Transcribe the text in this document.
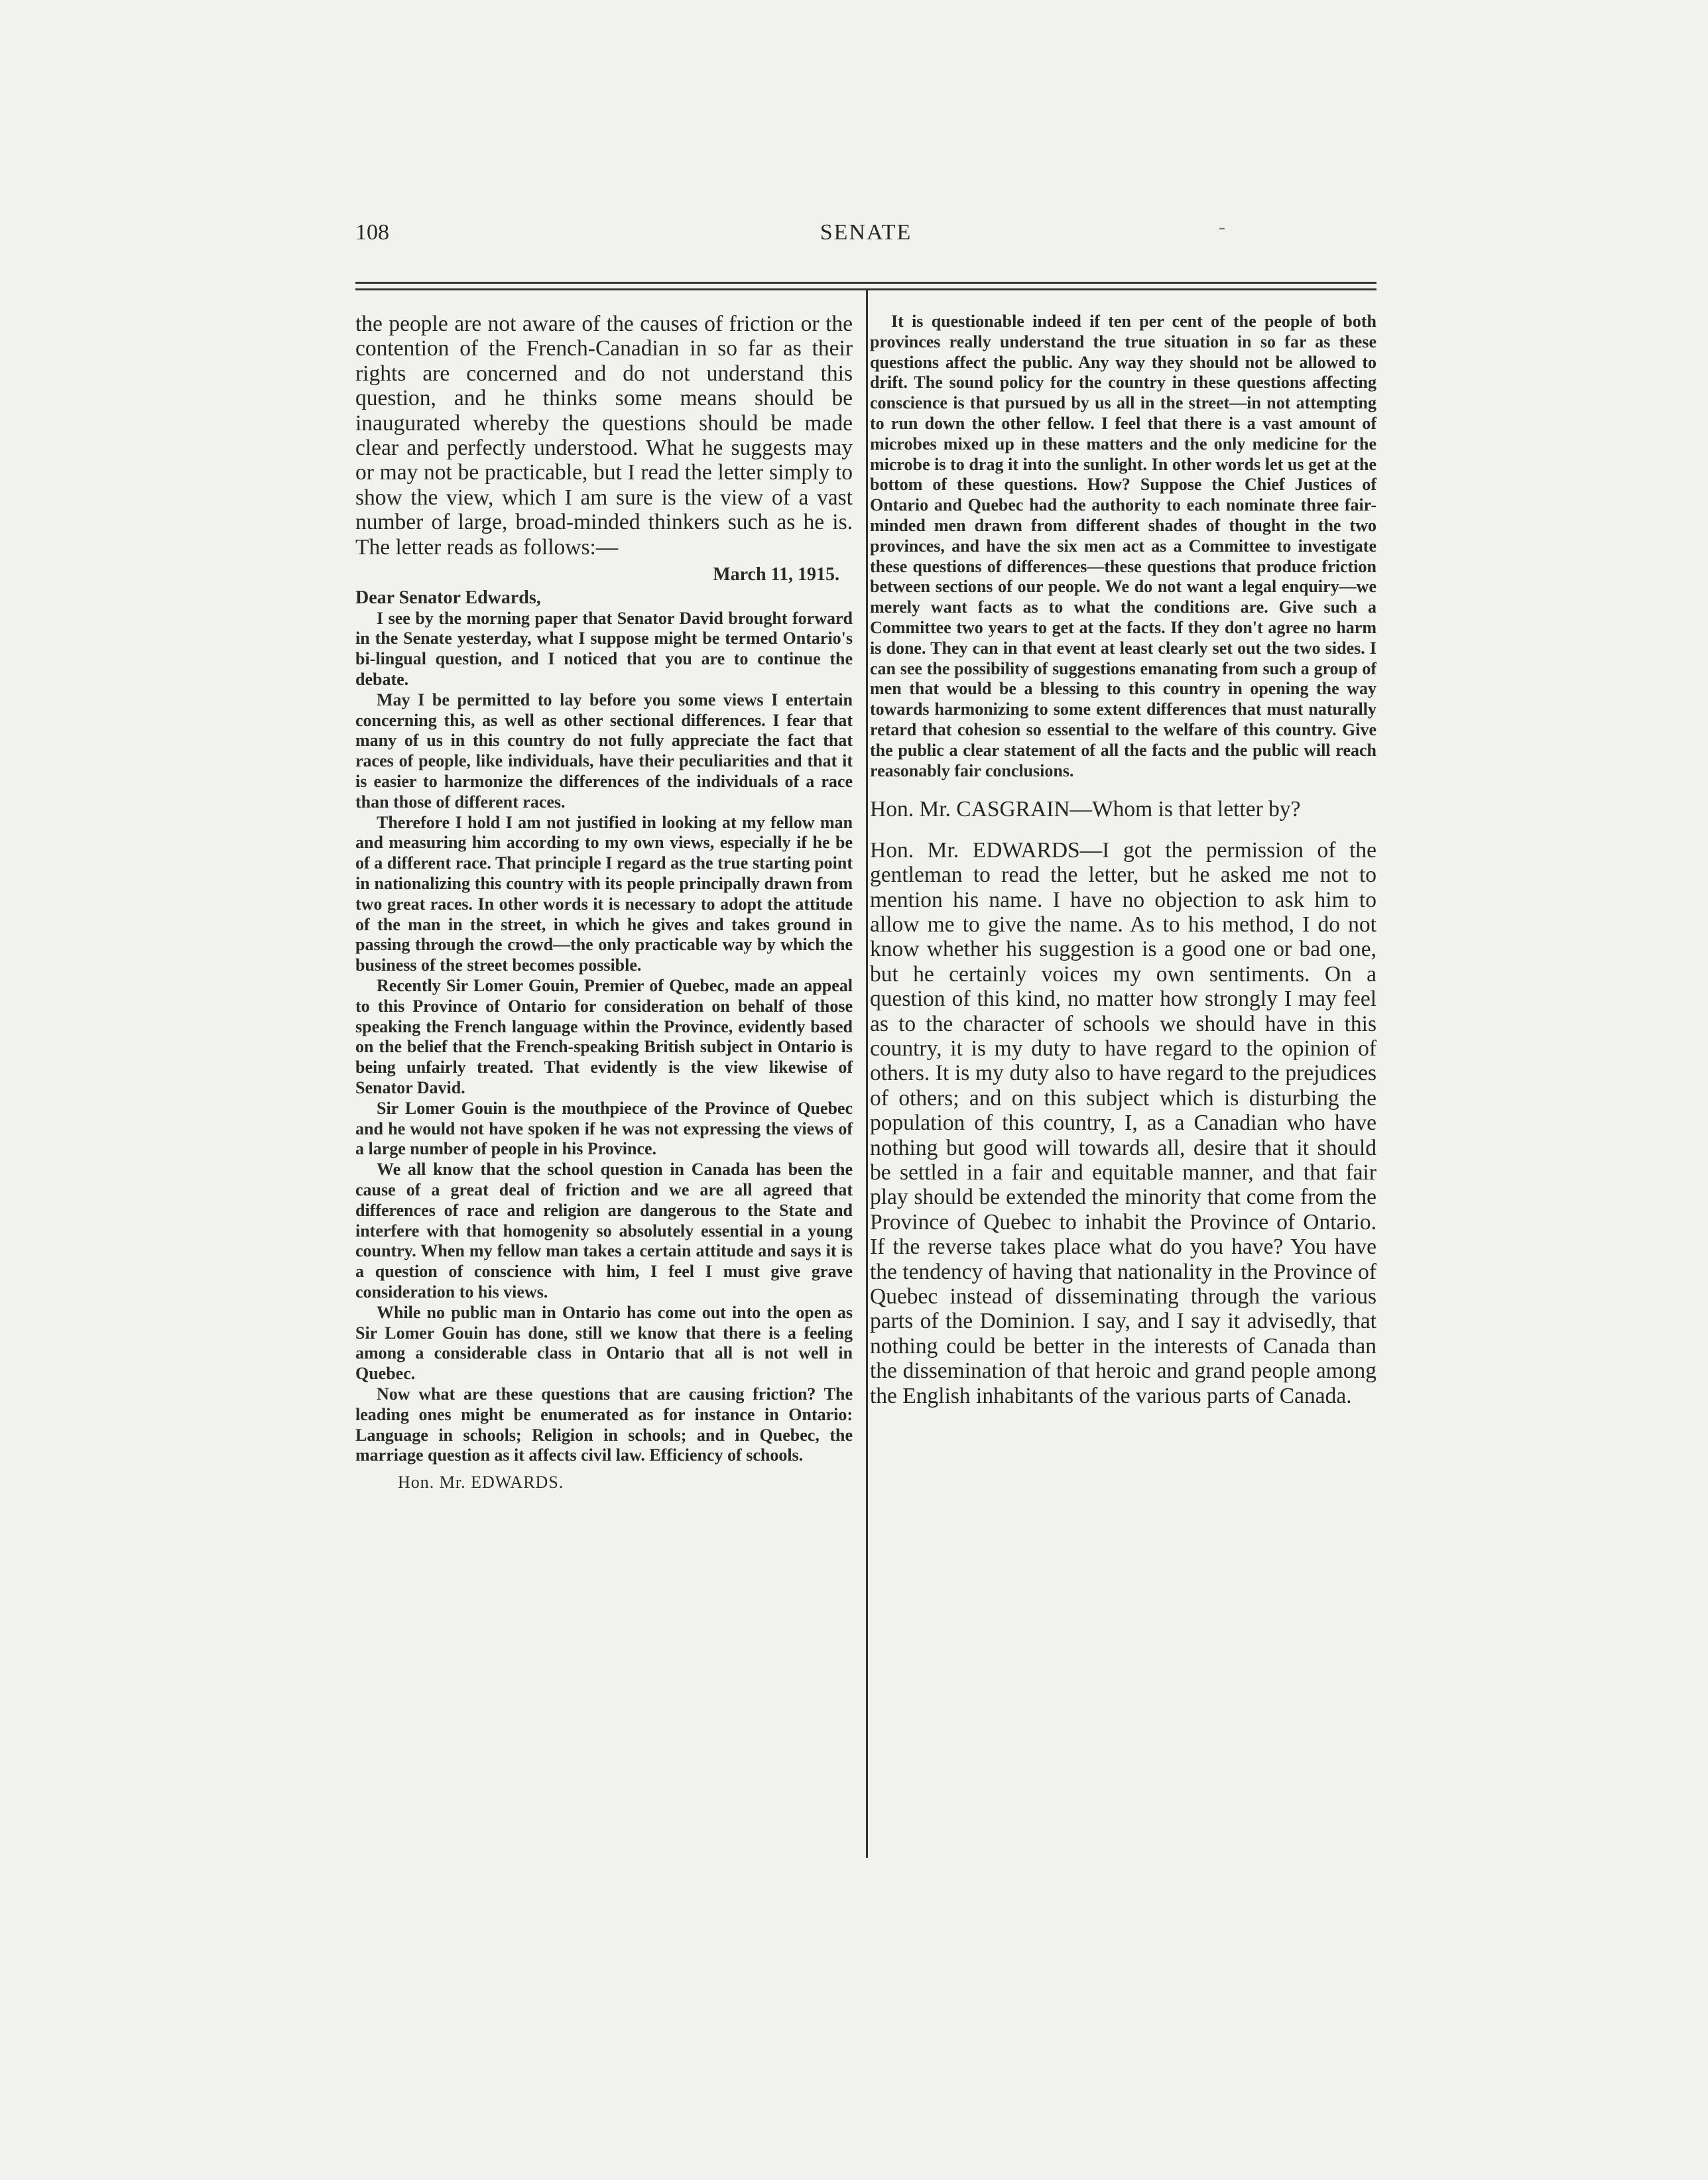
108	SENATE	-

the people are not aware of the causes of friction or the contention of the French-Canadian in so far as their rights are concerned and do not understand this question, and he thinks some means should be inaugurated whereby the questions should be made clear and perfectly understood. What he suggests may or may not be practicable, but I read the letter simply to show the view, which I am sure is the view of a vast number of large, broad-minded thinkers such as he is. The letter reads as follows:—

March 11, 1915.
Dear Senator Edwards,

I see by the morning paper that Senator David brought forward in the Senate yesterday, what I suppose might be termed Ontario's bi-lingual question, and I noticed that you are to continue the debate.

May I be permitted to lay before you some views I entertain concerning this, as well as other sectional differences. I fear that many of us in this country do not fully appreciate the fact that races of people, like individuals, have their peculiarities and that it is easier to harmonize the differences of the individuals of a race than those of different races.

Therefore I hold I am not justified in looking at my fellow man and measuring him according to my own views, especially if he be of a different race. That principle I regard as the true starting point in nationalizing this country with its people principally drawn from two great races. In other words it is necessary to adopt the attitude of the man in the street, in which he gives and takes ground in passing through the crowd—the only practicable way by which the business of the street becomes possible.

Recently Sir Lomer Gouin, Premier of Quebec, made an appeal to this Province of Ontario for consideration on behalf of those speaking the French language within the Province, evidently based on the belief that the French-speaking British subject in Ontario is being unfairly treated. That evidently is the view likewise of Senator David.

Sir Lomer Gouin is the mouthpiece of the Province of Quebec and he would not have spoken if he was not expressing the views of a large number of people in his Province.

We all know that the school question in Canada has been the cause of a great deal of friction and we are all agreed that differences of race and religion are dangerous to the State and interfere with that homogenity so absolutely essential in a young country. When my fellow man takes a certain attitude and says it is a question of conscience with him, I feel I must give grave consideration to his views.

While no public man in Ontario has come out into the open as Sir Lomer Gouin has done, still we know that there is a feeling among a considerable class in Ontario that all is not well in Quebec.

Now what are these questions that are causing friction? The leading ones might be enumerated as for instance in Ontario: Language in schools; Religion in schools; and in Quebec, the marriage question as it affects civil law. Efficiency of schools.

Hon. Mr. EDWARDS.

It is questionable indeed if ten per cent of the people of both provinces really understand the true situation in so far as these questions affect the public. Any way they should not be allowed to drift. The sound policy for the country in these questions affecting conscience is that pursued by us all in the street—in not attempting to run down the other fellow. I feel that there is a vast amount of microbes mixed up in these matters and the only medicine for the microbe is to drag it into the sunlight. In other words let us get at the bottom of these questions. How? Suppose the Chief Justices of Ontario and Quebec had the authority to each nominate three fair-minded men drawn from different shades of thought in the two provinces, and have the six men act as a Committee to investigate these questions of differences—these questions that produce friction between sections of our people. We do not want a legal enquiry—we merely want facts as to what the conditions are. Give such a Committee two years to get at the facts. If they don't agree no harm is done. They can in that event at least clearly set out the two sides. I can see the possibility of suggestions emanating from such a group of men that would be a blessing to this country in opening the way towards harmonizing to some extent differences that must naturally retard that cohesion so essential to the welfare of this country. Give the public a clear statement of all the facts and the public will reach reasonably fair conclusions.

Hon. Mr. CASGRAIN—Whom is that letter by?

Hon. Mr. EDWARDS—I got the permission of the gentleman to read the letter, but he asked me not to mention his name. I have no objection to ask him to allow me to give the name. As to his method, I do not know whether his suggestion is a good one or bad one, but he certainly voices my own sentiments. On a question of this kind, no matter how strongly I may feel as to the character of schools we should have in this country, it is my duty to have regard to the opinion of others. It is my duty also to have regard to the prejudices of others; and on this subject which is disturbing the population of this country, I, as a Canadian who have nothing but good will towards all, desire that it should be settled in a fair and equitable manner, and that fair play should be extended the minority that come from the Province of Quebec to inhabit the Province of Ontario. If the reverse takes place what do you have? You have the tendency of having that nationality in the Province of Quebec instead of disseminating through the various parts of the Dominion. I say, and I say it advisedly, that nothing could be better in the interests of Canada than the dissemination of that heroic and grand people among the English inhabitants of the various parts of Canada.
